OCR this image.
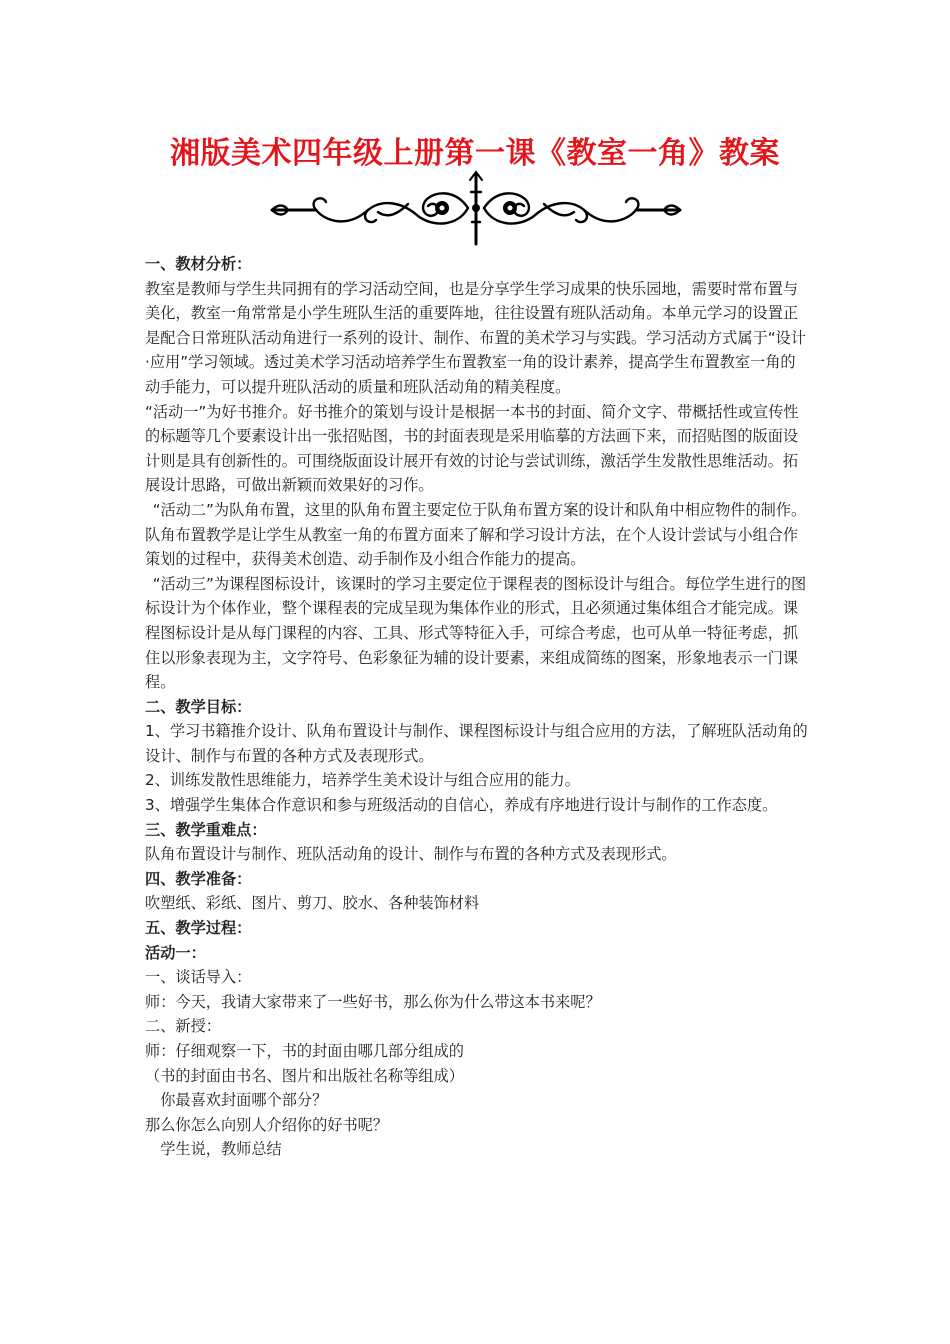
湘版美术四年级上册第一课《教室一角》教案

一、教材分析：

教室是教师与学生共同拥有的学习活动空间，也是分享学生学习成果的快乐园地，需要时常布置与美化，教室一角常常是小学生班队生活的重要阵地，往往设置有班队活动角。本单元学习的设置正是配合日常班队活动角进行一系列的设计、制作、布置的美术学习与实践。学习活动方式属于“设计·应用”学习领域。透过美术学习活动培养学生布置教室一角的设计素养，提高学生布置教室一角的动手能力，可以提升班队活动的质量和班队活动角的精美程度。

“活动一”为好书推介。好书推介的策划与设计是根据一本书的封面、简介文字、带概括性或宣传性的标题等几个要素设计出一张招贴图，书的封面表现是采用临摹的方法画下来，而招贴图的版面设计则是具有创新性的。可围绕版面设计展开有效的讨论与尝试训练，激活学生发散性思维活动。拓展设计思路，可做出新颖而效果好的习作。

“活动二”为队角布置，这里的队角布置主要定位于队角布置方案的设计和队角中相应物件的制作。队角布置教学是让学生从教室一角的布置方面来了解和学习设计方法，在个人设计尝试与小组合作策划的过程中，获得美术创造、动手制作及小组合作能力的提高。

“活动三”为课程图标设计，该课时的学习主要定位于课程表的图标设计与组合。每位学生进行的图标设计为个体作业，整个课程表的完成呈现为集体作业的形式，且必须通过集体组合才能完成。课程图标设计是从每门课程的内容、工具、形式等特征入手，可综合考虑，也可从单一特征考虑，抓住以形象表现为主，文字符号、色彩象征为辅的设计要素，来组成简练的图案，形象地表示一门课程。

二、教学目标：

1、学习书籍推介设计、队角布置设计与制作、课程图标设计与组合应用的方法，了解班队活动角的设计、制作与布置的各种方式及表现形式。

2、训练发散性思维能力，培养学生美术设计与组合应用的能力。

3、增强学生集体合作意识和参与班级活动的自信心，养成有序地进行设计与制作的工作态度。

三、教学重难点：

队角布置设计与制作、班队活动角的设计、制作与布置的各种方式及表现形式。

四、教学准备：

吹塑纸、彩纸、图片、剪刀、胶水、各种装饰材料

五、教学过程：

活动一：

一、谈话导入：

师：今天，我请大家带来了一些好书，那么你为什么带这本书来呢？

二、新授：

师：仔细观察一下，书的封面由哪几部分组成的

（书的封面由书名、图片和出版社名称等组成）

你最喜欢封面哪个部分？

那么你怎么向别人介绍你的好书呢？

学生说，教师总结
